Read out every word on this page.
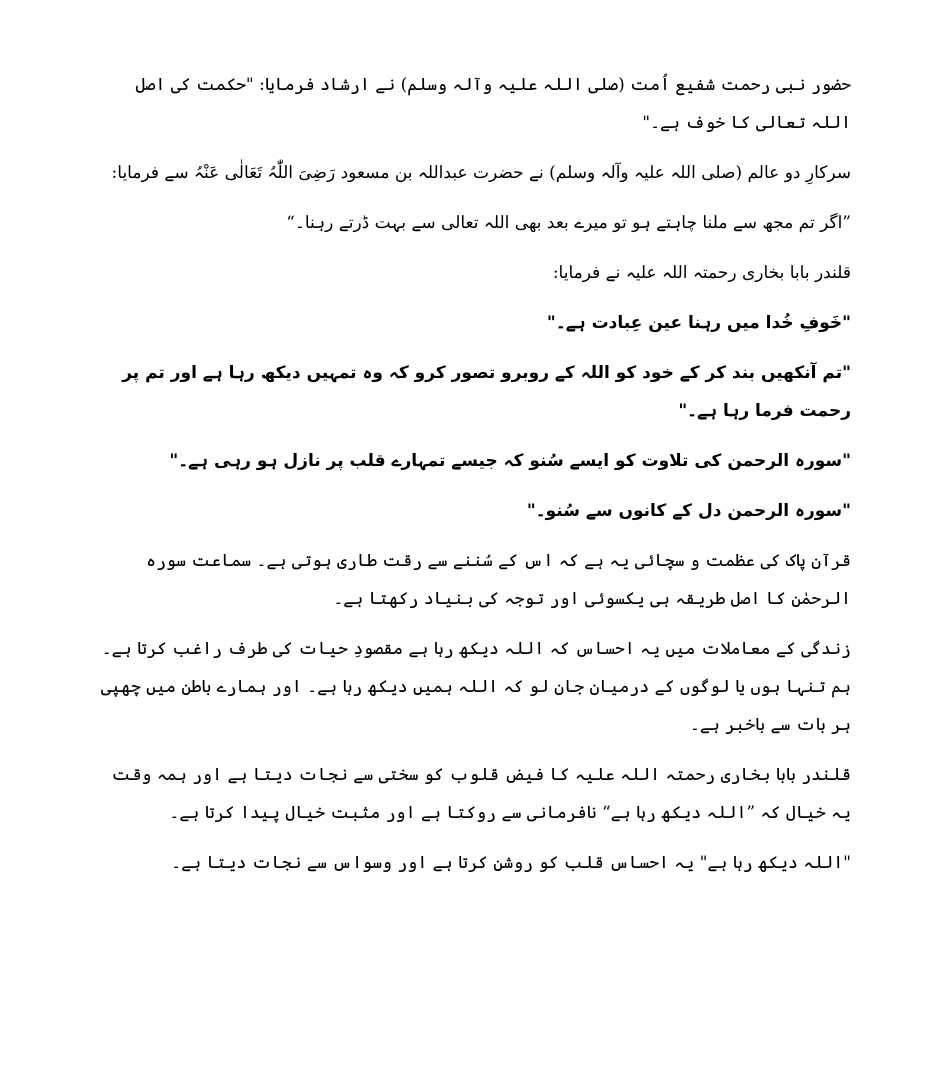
حضور نبی رحمت شفیع اُمت (صلی اللہ علیہ وآلہ وسلم) نے ارشاد فرمایا: "حکمت کی اصل اللہ تعالی کا خوف ہے۔"

سرکارِ دو عالم (صلی اللہ علیہ وآلہ وسلم) نے حضرت عبداللہ بن مسعود رَضِیَ اللّٰہُ تَعَالٰی عَنْہُ سے فرمایا:

”اگر تم مجھ سے ملنا چاہتے ہو تو میرے بعد بھی اللہ تعالی سے بہت ڈرتے رہنا۔“

قلندر بابا بخاری رحمتہ اللہ علیہ نے فرمایا:

"خَوفِ خُدا میں رہنا عین عِبادت ہے۔"

"تم آنکھیں بند کر کے خود کو اللہ کے روبرو تصور کرو کہ وہ تمہیں دیکھ رہا ہے اور تم پر رحمت فرما رہا ہے۔"

"سورہ الرحمن کی تلاوت کو ایسے سُنو کہ جیسے تمہارے قلب پر نازل ہو رہی ہے۔"

"سورہ الرحمن دل کے کانوں سے سُنو۔"

قرآن پاک کی عظمت و سچائی یہ ہے کہ اس کے سُننے سے رقت طاری ہوتی ہے۔ سماعت سورہ الرحمٰن کا اصل طریقہ ہی یکسوئی اور توجہ کی بنیاد رکھتا ہے۔

زندگی کے معاملات میں یہ احساس کہ اللہ دیکھ رہا ہے مقصودِ حیات کی طرف راغب کرتا ہے۔ ہم تنہا ہوں یا لوگوں کے درمیان جان لو کہ اللہ ہمیں دیکھ رہا ہے۔ اور ہمارے باطن میں چھپی ہر بات سے باخبر ہے۔

قلندر بابا بخاری رحمتہ اللہ علیہ کا فیض قلوب کو سختی سے نجات دیتا ہے اور ہمہ وقت یہ خیال کہ ”اللہ دیکھ رہا ہے“ نافرمانی سے روکتا ہے اور مثبت خیال پیدا کرتا ہے۔

"اللہ دیکھ رہا ہے" یہ احساس قلب کو روشن کرتا ہے اور وسواس سے نجات دیتا ہے۔
